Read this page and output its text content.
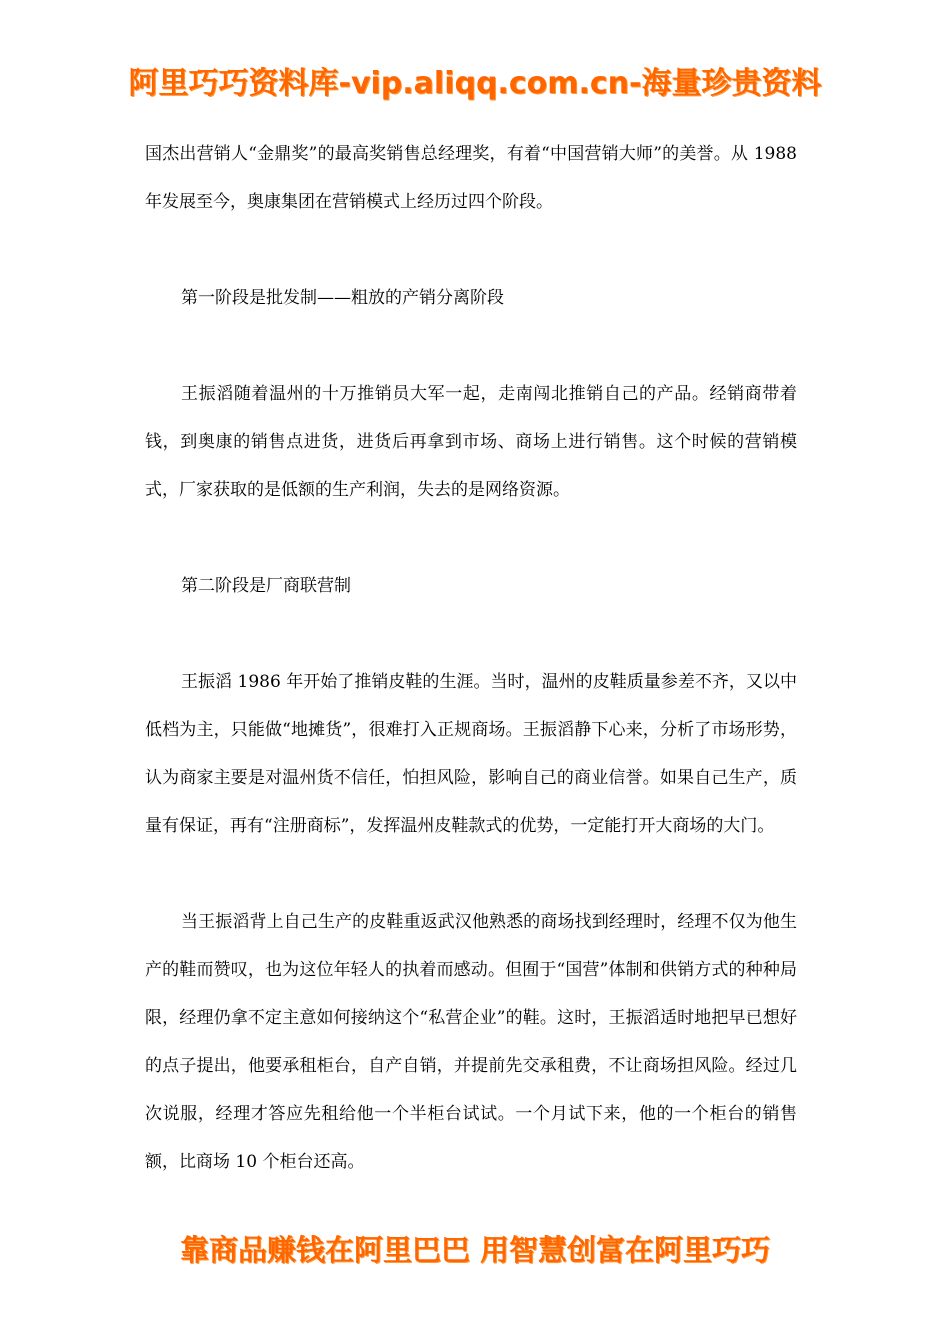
阿里巧巧资料库-vip.aliqq.com.cn-海量珍贵资料

国杰出营销人“金鼎奖”的最高奖销售总经理奖，有着“中国营销大师”的美誉。从 1988 年发展至今，奥康集团在营销模式上经历过四个阶段。

第一阶段是批发制——粗放的产销分离阶段

王振滔随着温州的十万推销员大军一起，走南闯北推销自己的产品。经销商带着钱，到奥康的销售点进货，进货后再拿到市场、商场上进行销售。这个时候的营销模式，厂家获取的是低额的生产利润，失去的是网络资源。

第二阶段是厂商联营制

王振滔 1986 年开始了推销皮鞋的生涯。当时，温州的皮鞋质量参差不齐，又以中低档为主，只能做“地摊货”，很难打入正规商场。王振滔静下心来，分析了市场形势，认为商家主要是对温州货不信任，怕担风险，影响自己的商业信誉。如果自己生产，质量有保证，再有“注册商标”，发挥温州皮鞋款式的优势，一定能打开大商场的大门。

当王振滔背上自己生产的皮鞋重返武汉他熟悉的商场找到经理时，经理不仅为他生产的鞋而赞叹，也为这位年轻人的执着而感动。但囿于“国营”体制和供销方式的种种局限，经理仍拿不定主意如何接纳这个“私营企业”的鞋。这时，王振滔适时地把早已想好的点子提出，他要承租柜台，自产自销，并提前先交承租费，不让商场担风险。经过几次说服，经理才答应先租给他一个半柜台试试。一个月试下来，他的一个柜台的销售额，比商场 10 个柜台还高。

靠商品赚钱在阿里巴巴 用智慧创富在阿里巧巧
